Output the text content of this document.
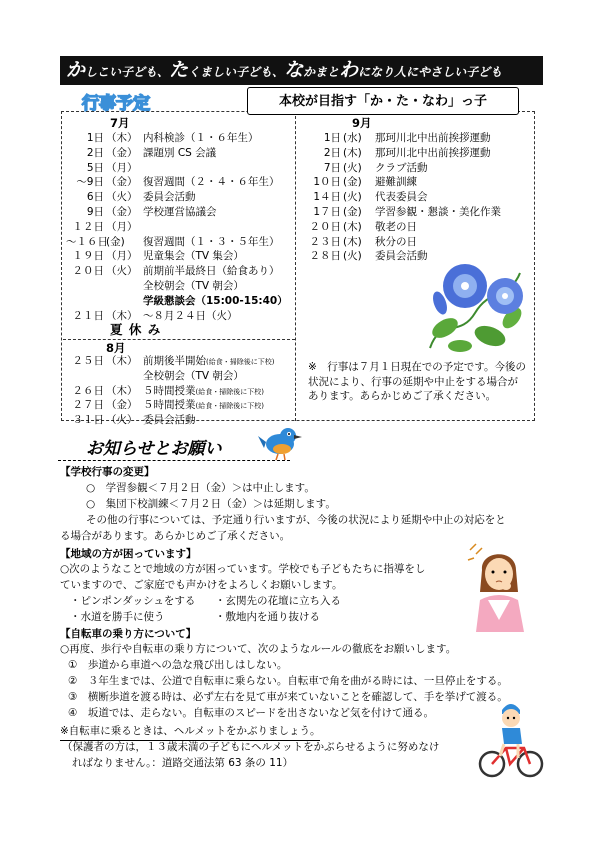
かしこい子ども、たくましい子ども、なかまとわになり人にやさしい子ども
行事予定	本校が目指す「か・た・なわ」っ子
7月
1日 （木） 内科検診（１・６年生）
2日 （金） 課題別 CS 会議
5日 （月）
〜9日 （金） 復習週間（２・４・６年生）
6日 （火） 委員会活動
9日 （金） 学校運営協議会
１２日 （月）
〜１６日
(金) 復習週間（１・３・５年生）
１９日 （月） 児童集会（TV 集会）
２０日 （火） 前期前半最終日（給食あり）
全校朝会（TV 朝会）
学級懇談会（15:00-15:40）
２１日 （木） 〜８月２４日（火）
夏 休 み
8月
２５日 （木） 前期後半開始(給食・掃除後に下校)
全校朝会（TV 朝会）
２６日 （木） ５時間授業(給食・掃除後に下校)
２７日 （金） ５時間授業(給食・掃除後に下校)
３１日 （火） 委員会活動
9月
1日 (水) 那珂川北中出前挨拶運動
2日 (木) 那珂川北中出前挨拶運動
7日 (火) クラブ活動
1０日 (金) 避難訓練
1４日 (火) 代表委員会
1７日 (金) 学習参観・懇談・美化作業
２０日 (木) 敬老の日
２３日 (木) 秋分の日
２８日 (火) 委員会活動
※　行事は７月１日現在での予定です。今後の状況により、行事の延期や中止をする場合があります。あらかじめご了承ください。
お知らせとお願い
【学校行事の変更】
○　学習参観＜７月２日（金）＞は中止します。
○　集団下校訓練＜７月２日（金）＞は延期します。
その他の行事については、予定通り行いますが、今後の状況により延期や中止の対応をと
る場合があります。あらかじめご了承ください。
【地域の方が困っています】
○次のようなことで地域の方が困っています。学校でも子どもたちに指導をし
ていますので、ご家庭でも声かけをよろしくお願いします。
・ピンポンダッシュをする ・玄関先の花壇に立ち入る
・水道を勝手に使う	・敷地内を通り抜ける
【自転車の乗り方について】
○再度、歩行や自転車の乗り方について、次のようなルールの徹底をお願いします。
①　歩道から車道への急な飛び出しはしない。
②　３年生までは、公道で自転車に乗らない。自転車で角を曲がる時には、一旦停止をする。
③　横断歩道を渡る時は、必ず左右を見て車が来ていないことを確認して、手を挙げて渡る。
④　坂道では、走らない。自転車のスピードを出さないなど気を付けて通る。
※自転車に乗るときは、ヘルメットをかぶりましょう。
（保護者の方は，１３歳未満の子どもにヘルメットをかぶらせるように努めなけ
ればなりません。：道路交通法第 63 条の 11）
